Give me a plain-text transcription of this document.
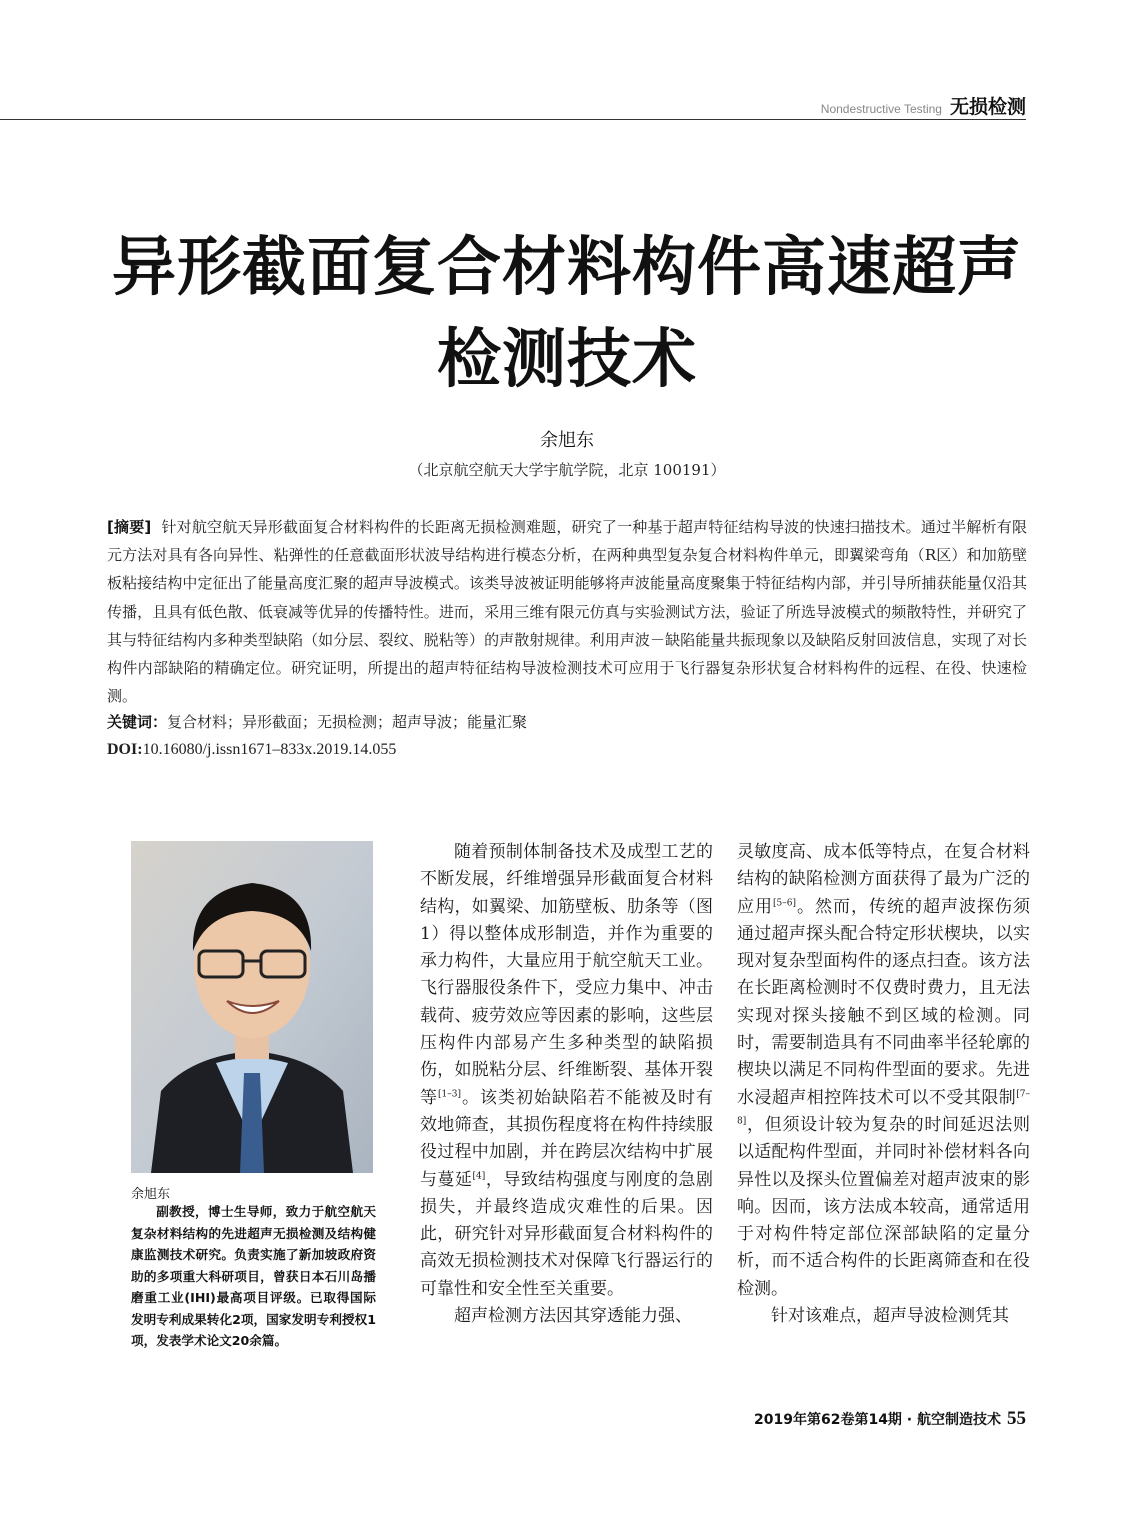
Nondestructive Testing 无损检测
异形截面复合材料构件高速超声
检测技术
余旭东
（北京航空航天大学宇航学院，北京 100191）

[摘要] 针对航空航天异形截面复合材料构件的长距离无损检测难题，研究了一种基于超声特征结构导波的快速扫描技术。通过半解析有限元方法对具有各向异性、粘弹性的任意截面形状波导结构进行模态分析，在两种典型复杂复合材料构件单元，即翼梁弯角（R区）和加筋壁板粘接结构中定征出了能量高度汇聚的超声导波模式。该类导波被证明能够将声波能量高度聚集于特征结构内部，并引导所捕获能量仅沿其传播，且具有低色散、低衰减等优异的传播特性。进而，采用三维有限元仿真与实验测试方法，验证了所选导波模式的频散特性，并研究了其与特征结构内多种类型缺陷（如分层、裂纹、脱粘等）的声散射规律。利用声波－缺陷能量共振现象以及缺陷反射回波信息，实现了对长构件内部缺陷的精确定位。研究证明，所提出的超声特征结构导波检测技术可应用于飞行器复杂形状复合材料构件的远程、在役、快速检测。

关键词：复合材料；异形截面；无损检测；超声导波；能量汇聚
DOI:10.16080/j.issn1671–833x.2019.14.055
余旭东

副教授，博士生导师，致力于航空航天复杂材料结构的先进超声无损检测及结构健康监测技术研究。负责实施了新加坡政府资助的多项重大科研项目，曾获日本石川岛播磨重工业(IHI)最高项目评级。已取得国际发明专利成果转化2项，国家发明专利授权1项，发表学术论文20余篇。

随着预制体制备技术及成型工艺的不断发展，纤维增强异形截面复合材料结构，如翼梁、加筋壁板、肋条等（图1）得以整体成形制造，并作为重要的承力构件，大量应用于航空航天工业。飞行器服役条件下，受应力集中、冲击载荷、疲劳效应等因素的影响，这些层压构件内部易产生多种类型的缺陷损伤，如脱粘分层、纤维断裂、基体开裂等[1–3]。该类初始缺陷若不能被及时有效地筛查，其损伤程度将在构件持续服役过程中加剧，并在跨层次结构中扩展与蔓延[4]，导致结构强度与刚度的急剧损失，并最终造成灾难性的后果。因此，研究针对异形截面复合材料构件的高效无损检测技术对保障飞行器运行的可靠性和安全性至关重要。

超声检测方法因其穿透能力强、

灵敏度高、成本低等特点，在复合材料结构的缺陷检测方面获得了最为广泛的应用[5–6]。然而，传统的超声波探伤须通过超声探头配合特定形状楔块，以实现对复杂型面构件的逐点扫查。该方法在长距离检测时不仅费时费力，且无法实现对探头接触不到区域的检测。同时，需要制造具有不同曲率半径轮廓的楔块以满足不同构件型面的要求。先进水浸超声相控阵技术可以不受其限制[7–8]，但须设计较为复杂的时间延迟法则以适配构件型面，并同时补偿材料各向异性以及探头位置偏差对超声波束的影响。因而，该方法成本较高，通常适用于对构件特定部位深部缺陷的定量分析，而不适合构件的长距离筛查和在役检测。

针对该难点，超声导波检测凭其

2019年第62卷第14期 · 航空制造技术 55
